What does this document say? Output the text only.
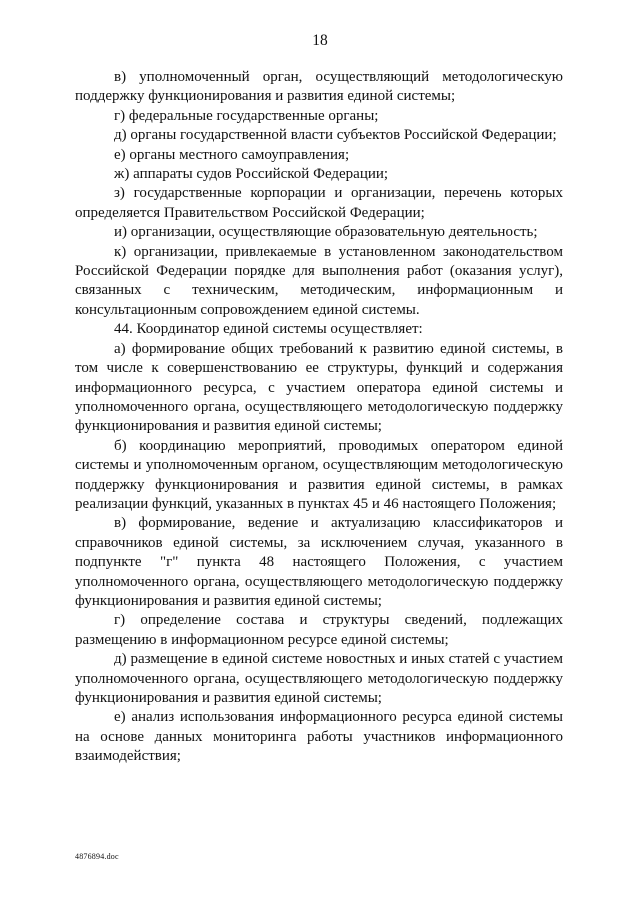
18

в) уполномоченный орган, осуществляющий методологическую поддержку функционирования и развития единой системы;

г) федеральные государственные органы;

д) органы государственной власти субъектов Российской Федерации;

е) органы местного самоуправления;

ж) аппараты судов Российской Федерации;

з) государственные корпорации и организации, перечень которых определяется Правительством Российской Федерации;

и) организации, осуществляющие образовательную деятельность;

к) организации, привлекаемые в установленном законодательством Российской Федерации порядке для выполнения работ (оказания услуг), связанных с техническим, методическим, информационным и консультационным сопровождением единой системы.

44. Координатор единой системы осуществляет:

а) формирование общих требований к развитию единой системы, в том числе к совершенствованию ее структуры, функций и содержания информационного ресурса, с участием оператора единой системы и уполномоченного органа, осуществляющего методологическую поддержку функционирования и развития единой системы;

б) координацию мероприятий, проводимых оператором единой системы и уполномоченным органом, осуществляющим методологическую поддержку функционирования и развития единой системы, в рамках реализации функций, указанных в пунктах 45 и 46 настоящего Положения;

в) формирование, ведение и актуализацию классификаторов и справочников единой системы, за исключением случая, указанного в подпункте "г" пункта 48 настоящего Положения, с участием уполномоченного органа, осуществляющего методологическую поддержку функционирования и развития единой системы;

г) определение состава и структуры сведений, подлежащих размещению в информационном ресурсе единой системы;

д) размещение в единой системе новостных и иных статей с участием уполномоченного органа, осуществляющего методологическую поддержку функционирования и развития единой системы;

е) анализ использования информационного ресурса единой системы на основе данных мониторинга работы участников информационного взаимодействия;

4876894.doc
